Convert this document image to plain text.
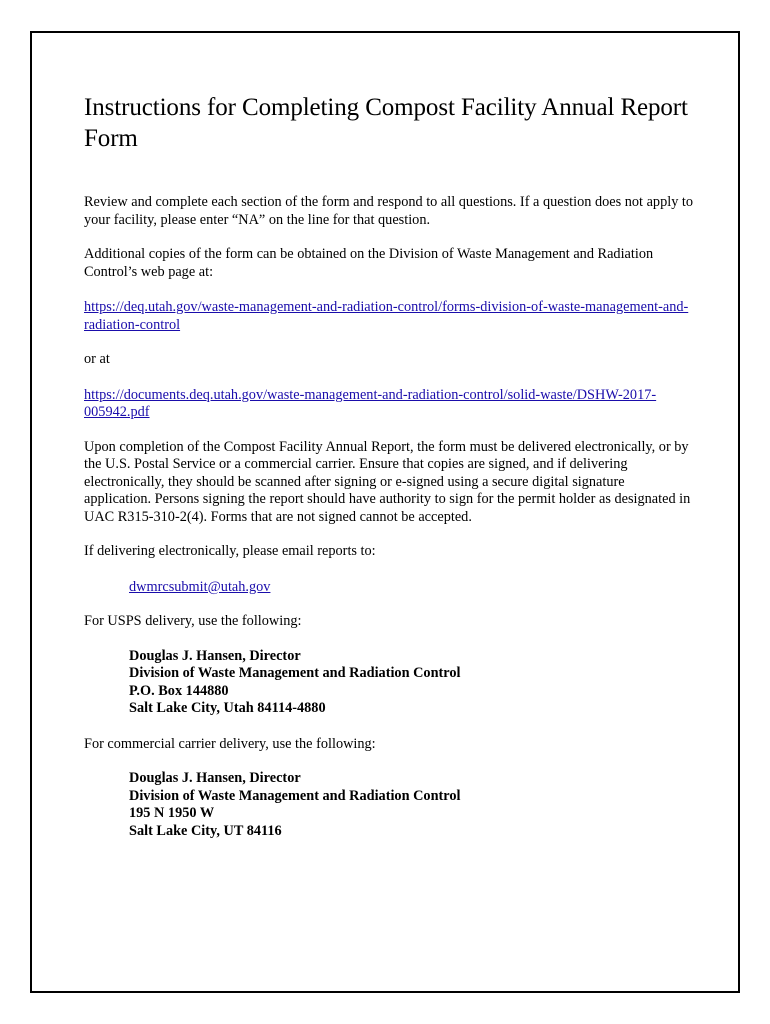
Instructions for Completing Compost Facility Annual Report Form

Review and complete each section of the form and respond to all questions. If a question does not apply to your facility, please enter “NA” on the line for that question.

Additional copies of the form can be obtained on the Division of Waste Management and Radiation Control’s web page at:

https://deq.utah.gov/waste-management-and-radiation-control/forms-division-of-waste-management-and-radiation-control

or at

https://documents.deq.utah.gov/waste-management-and-radiation-control/solid-waste/DSHW-2017-005942.pdf

Upon completion of the Compost Facility Annual Report, the form must be delivered electronically, or by the U.S. Postal Service or a commercial carrier. Ensure that copies are signed, and if delivering electronically, they should be scanned after signing or e-signed using a secure digital signature application. Persons signing the report should have authority to sign for the permit holder as designated in UAC R315-310-2(4). Forms that are not signed cannot be accepted.

If delivering electronically, please email reports to:

dwmrcsubmit@utah.gov

For USPS delivery, use the following:

Douglas J. Hansen, Director
Division of Waste Management and Radiation Control
P.O. Box 144880
Salt Lake City, Utah 84114-4880

For commercial carrier delivery, use the following:

Douglas J. Hansen, Director
Division of Waste Management and Radiation Control
195 N 1950 W
Salt Lake City, UT 84116
